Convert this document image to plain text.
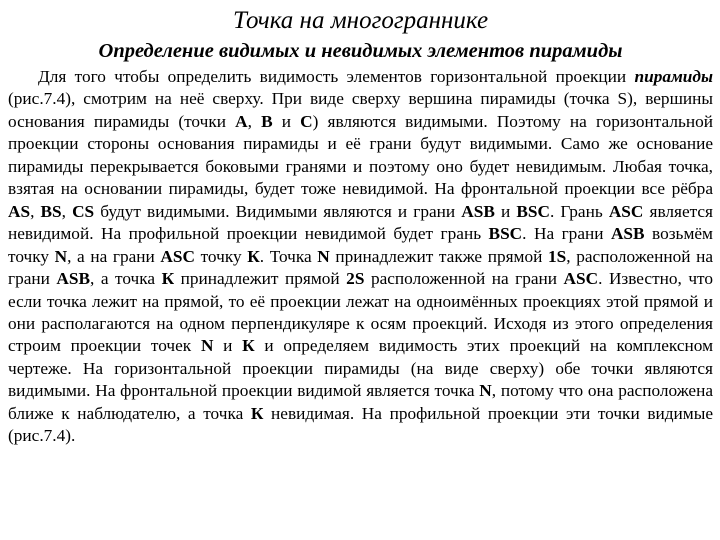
Точка на многограннике
Определение видимых и невидимых элементов пирамиды

Для того чтобы определить видимость элементов горизонтальной проекции пирамиды (рис.7.4), смотрим на неё сверху. При виде сверху вершина пирамиды (точка S), вершины основания пирамиды (точки А, В и С) являются видимыми. Поэтому на горизонтальной проекции стороны основания пирамиды и её грани будут видимыми. Само же основание пирамиды перекрывается боковыми гранями и поэтому оно будет невидимым. Любая точка, взятая на основании пирамиды, будет тоже невидимой. На фронтальной проекции все рёбра AS, BS, CS будут видимыми. Видимыми являются и грани ASB и BSC. Грань ASC является невидимой. На профильной проекции невидимой будет грань BSC. На грани ASB возьмём точку N, а на грани ASC точку К. Точка N принадлежит также прямой 1S, расположенной на грани ASB, а точка К принадлежит прямой 2S расположенной на грани ASC. Известно, что если точка лежит на прямой, то её проекции лежат на одноимённых проекциях этой прямой и они располагаются на одном перпендикуляре к осям проекций. Исходя из этого определения строим проекции точек N и К и определяем видимость этих проекций на комплексном чертеже. На горизонтальной проекции пирамиды (на виде сверху) обе точки являются видимыми. На фронтальной проекции видимой является точка N, потому что она расположена ближе к наблюдателю, а точка К невидимая. На профильной проекции эти точки видимые (рис.7.4).
